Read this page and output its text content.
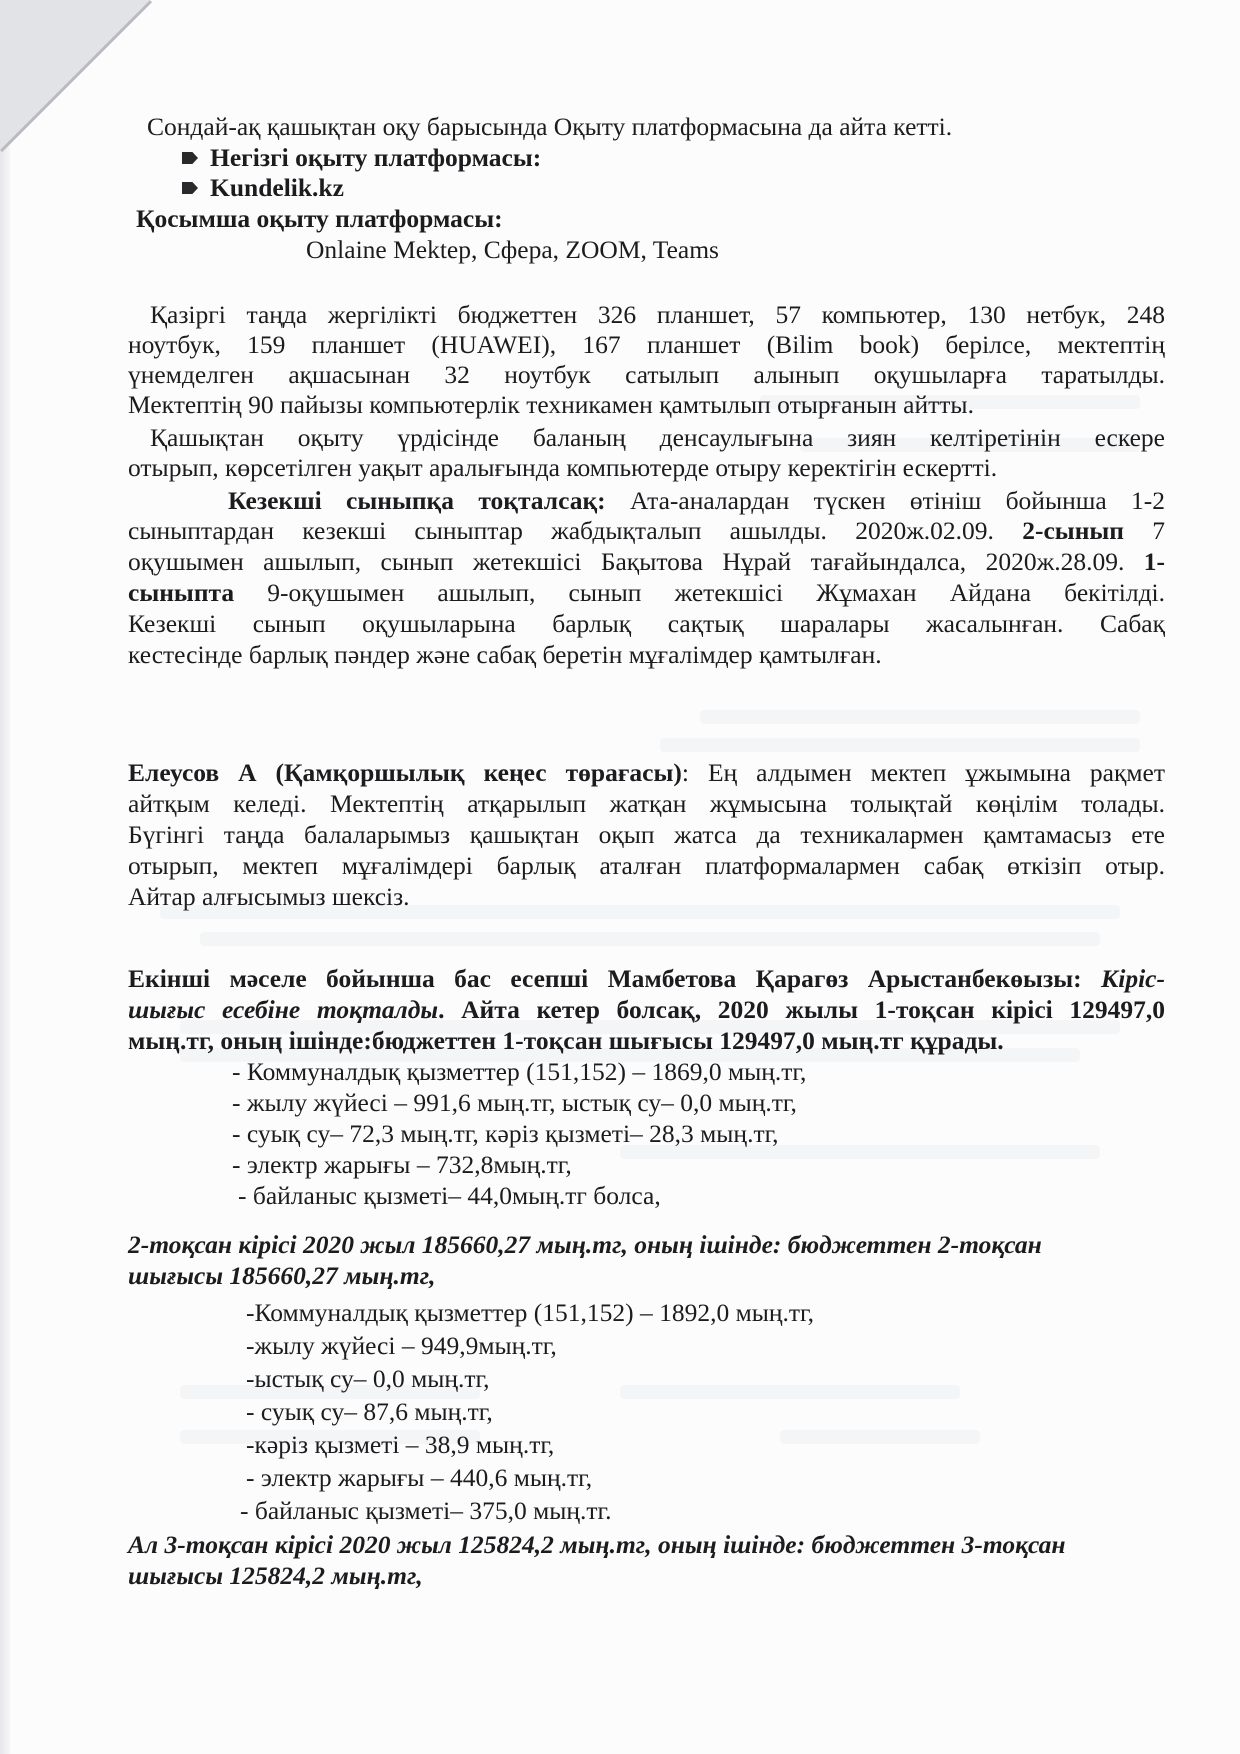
Сондай-ақ қашықтан оқу барысында Оқыту платформасына да айта кетті.
Негізгі оқыту платформасы:
Kundelik.kz
Қосымша оқыту платформасы:
Onlaine Mektep, Сфера, ZOOM, Teams
Қазіргі таңда жергілікті бюджеттен 326 планшет, 57 компьютер, 130 нетбук, 248
ноутбук, 159 планшет (HUAWEI), 167 планшет (Bilim book) берілсе, мектептің
үнемделген ақшасынан 32 ноутбук сатылып алынып оқушыларға таратылды.
Мектептің 90 пайызы компьютерлік техникамен қамтылып отырғанын айтты.
Қашықтан оқыту үрдісінде баланың денсаулығына зиян келтіретінін ескере
отырып, көрсетілген уақыт аралығында компьютерде отыру керектігін ескертті.
Кезекші сыныпқа тоқталсақ: Ата-аналардан түскен өтініш бойынша 1-2
сыныптардан кезекші сыныптар жабдықталып ашылды. 2020ж.02.09. 2-сынып 7
оқушымен ашылып, сынып жетекшісі Бақытова Нұрай тағайындалса, 2020ж.28.09. 1-
сыныпта 9-оқушымен ашылып, сынып жетекшісі Жұмахан Айдана бекітілді.
Кезекші сынып оқушыларына барлық сақтық шаралары жасалынған. Сабақ
кестесінде барлық пәндер және сабақ беретін мұғалімдер қамтылған.
Елеусов А (Қамқоршылық кеңес төрағасы): Ең алдымен мектеп ұжымына рақмет
айтқым келеді. Мектептің атқарылып жатқан жұмысына толықтай көңілім толады.
Бүгінгі таңда балаларымыз қашықтан оқып жатса да техникалармен қамтамасыз ете
отырып, мектеп мұғалімдері барлық аталған платформалармен сабақ өткізіп отыр.
Айтар алғысымыз шексіз.
Екінші мәселе бойынша бас есепші Мамбетова Қарагөз Арыстанбекөызы: Кіріс-
шығыс есебіне тоқталды. Айта кетер болсақ, 2020 жылы 1-тоқсан кірісі 129497,0
мың.тг, оның ішінде:бюджеттен 1-тоқсан шығысы 129497,0 мың.тг құрады.
- Коммуналдық қызметтер (151,152) – 1869,0 мың.тг,
- жылу жүйесі – 991,6 мың.тг, ыстық су– 0,0 мың.тг,
- суық су– 72,3 мың.тг, кәріз қызметі– 28,3 мың.тг,
- электр жарығы – 732,8мың.тг,
- байланыс қызметі– 44,0мың.тг болса,
2-тоқсан кірісі 2020 жыл 185660,27 мың.тг, оның ішінде: бюджеттен 2-тоқсан
шығысы 185660,27 мың.тг,
-Коммуналдық қызметтер (151,152) – 1892,0 мың.тг,
-жылу жүйесі – 949,9мың.тг,
-ыстық су– 0,0 мың.тг,
- суық су– 87,6 мың.тг,
-кәріз қызметі – 38,9 мың.тг,
- электр жарығы – 440,6 мың.тг,
- байланыс қызметі– 375,0 мың.тг.
Ал 3-тоқсан кірісі 2020 жыл 125824,2 мың.тг, оның ішінде: бюджеттен 3-тоқсан
шығысы 125824,2 мың.тг,
